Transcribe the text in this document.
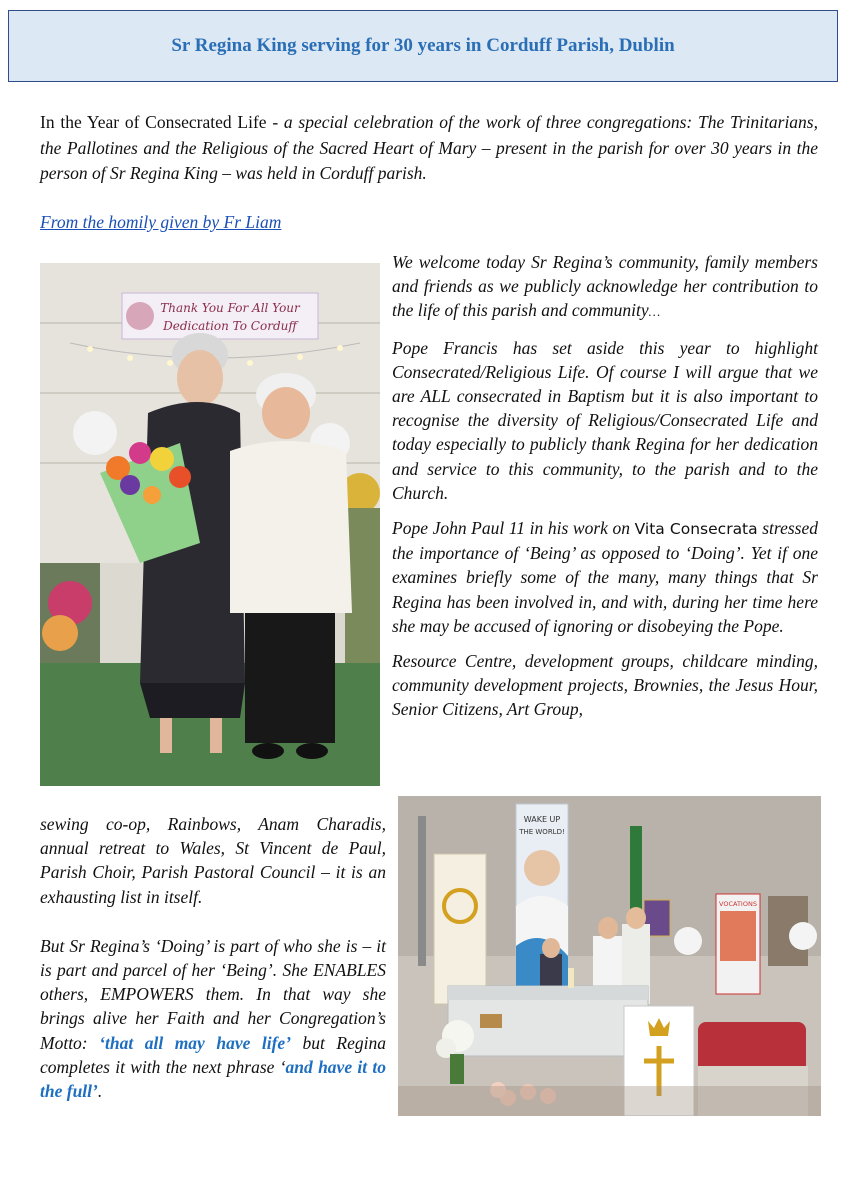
Sr Regina King serving for 30 years in Corduff Parish, Dublin
In the Year of Consecrated Life - a special celebration of the work of three congregations: The Trinitarians, the Pallotines and the Religious of the Sacred Heart of Mary – present in the parish for over 30 years in the person of Sr Regina King – was held in Corduff parish.
From the homily given by Fr Liam
Thank You For All Your
Dedication To Corduff

We welcome today Sr Regina’s community, family members and friends as we publicly acknowledge her contribution to the life of this parish and community…

Pope Francis has set aside this year to highlight Consecrated/Religious Life. Of course I will argue that we are ALL consecrated in Baptism but it is also important to recognise the diversity of Religious/Consecrated Life and today especially to publicly thank Regina for her dedication and service to this community, to the parish and to the Church.

Pope John Paul 11 in his work on Vita Consecrata stressed the importance of ‘Being’ as opposed to ‘Doing’. Yet if one examines briefly some of the many, many things that Sr Regina has been involved in, and with, during her time here she may be accused of ignoring or disobeying the Pope.

Resource Centre, development groups, childcare minding, community development projects, Brownies, the Jesus Hour, Senior Citizens, Art Group,

sewing co-op, Rainbows, Anam Charadis, annual retreat to Wales, St Vincent de Paul, Parish Choir, Parish Pastoral Council – it is an exhausting list in itself.

But Sr Regina’s ‘Doing’ is part of who she is – it is part and parcel of her ‘Being’. She ENABLES others, EMPOWERS them. In that way she brings alive her Faith and her Congregation’s Motto: ‘that all may have life’ but Regina completes it with the next phrase ‘and have it to the full’.

WAKE UP
THE WORLD!
VOCATIONS
